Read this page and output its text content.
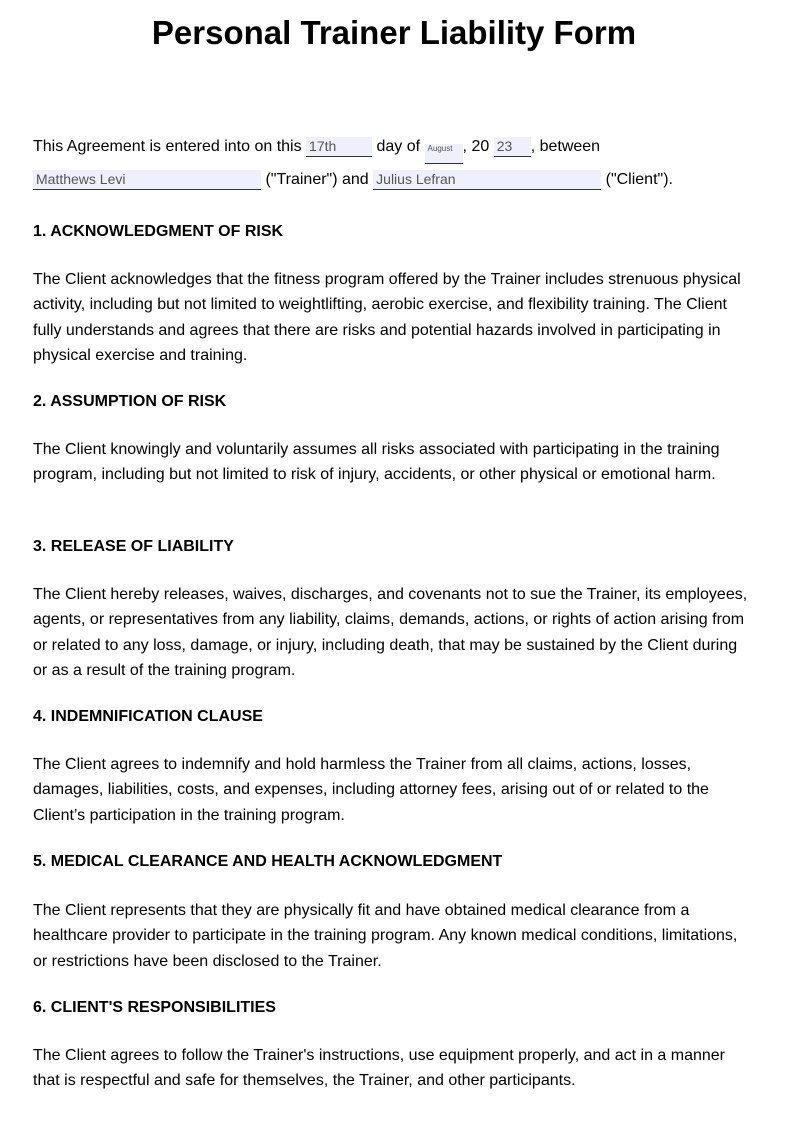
Personal Trainer Liability Form
This Agreement is entered into on this 17th	day of August , 20 23 , between
Matthews Levi	("Trainer") and Julius Lefran	("Client").
1. ACKNOWLEDGMENT OF RISK

The Client acknowledges that the fitness program offered by the Trainer includes strenuous physical activity, including but not limited to weightlifting, aerobic exercise, and flexibility training. The Client fully understands and agrees that there are risks and potential hazards involved in participating in physical exercise and training.

2. ASSUMPTION OF RISK

The Client knowingly and voluntarily assumes all risks associated with participating in the training program, including but not limited to risk of injury, accidents, or other physical or emotional harm.

3. RELEASE OF LIABILITY

The Client hereby releases, waives, discharges, and covenants not to sue the Trainer, its employees, agents, or representatives from any liability, claims, demands, actions, or rights of action arising from or related to any loss, damage, or injury, including death, that may be sustained by the Client during or as a result of the training program.

4. INDEMNIFICATION CLAUSE

The Client agrees to indemnify and hold harmless the Trainer from all claims, actions, losses, damages, liabilities, costs, and expenses, including attorney fees, arising out of or related to the Client’s participation in the training program.

5. MEDICAL CLEARANCE AND HEALTH ACKNOWLEDGMENT

The Client represents that they are physically fit and have obtained medical clearance from a healthcare provider to participate in the training program. Any known medical conditions, limitations, or restrictions have been disclosed to the Trainer.

6. CLIENT'S RESPONSIBILITIES

The Client agrees to follow the Trainer's instructions, use equipment properly, and act in a manner that is respectful and safe for themselves, the Trainer, and other participants.
